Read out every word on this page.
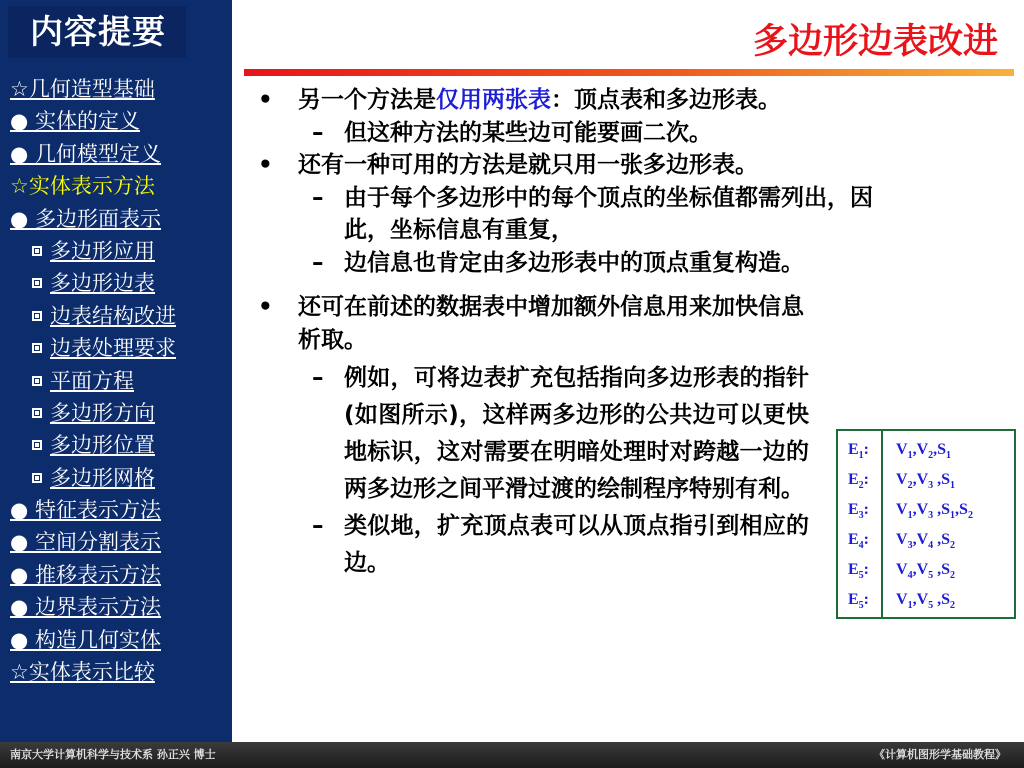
内容提要
☆几何造型基础
● 实体的定义
● 几何模型定义
☆实体表示方法
● 多边形面表示
多边形应用
多边形边表
边表结构改进
边表处理要求
平面方程
多边形方向
多边形位置
多边形网格
● 特征表示方法
● 空间分割表示
● 推移表示方法
● 边界表示方法
● 构造几何实体
☆实体表示比较
多边形边表改进
• 另一个方法是仅用两张表：顶点表和多边形表。
– 但这种方法的某些边可能要画二次。
• 还有一种可用的方法是就只用一张多边形表。
– 由于每个多边形中的每个顶点的坐标值都需列出，因此，坐标信息有重复，
– 边信息也肯定由多边形表中的顶点重复构造。
• 还可在前述的数据表中增加额外信息用来加快信息析取。
– 例如，可将边表扩充包括指向多边形表的指针(如图所示)，这样两多边形的公共边可以更快地标识，这对需要在明暗处理时对跨越一边的两多边形之间平滑过渡的绘制程序特别有利。
– 类似地，扩充顶点表可以从顶点指引到相应的边。
$E_1$: $V_1,V_2,S_1$
$E_2$: $V_2,V_3$ $,S_1$
$E_3$: $V_1,V_3$ $,S_1,S_2$
$E_4$: $V_3,V_4$ $,S_2$
$E_5$: $V_4,V_5$ $,S_2$
$E_5$: $V_1,V_5$ $,S_2$
南京大学计算机科学与技术系 孙正兴 博士	《计算机图形学基础教程》
